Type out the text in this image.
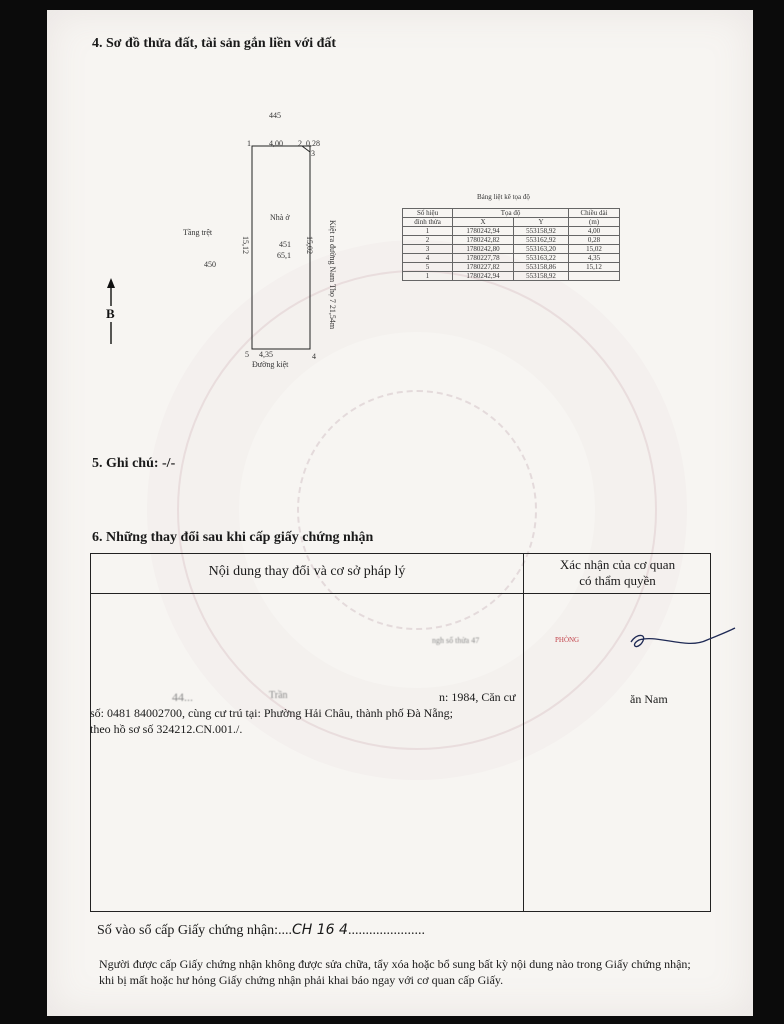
4. Sơ đồ thửa đất, tài sản gắn liền với đất
445
1 4,00 2 0,28
3
Tầng trệt
450
Nhà ở
451
65,1
15,12	15,02 Kiệt ra đường Nam Thọ 7 21,54m
5 4,35	4
Đường kiệt
B
Bảng liệt kê tọa độ
Số hiệu	Tọa độ		Chiều dài
đỉnh thửa	X	Y	(m)
1	1780242,94	553158,92	4,00
2	1780242,82	553162,92	0,28
3	1780242,80	553163,20	15,02
4	1780227,78	553163,22	4,35
5	1780227,82	553158,86	15,12
1	1780242,94	553158,92	
5. Ghi chú: -/-
6. Những thay đổi sau khi cấp giấy chứng nhận
Nội dung thay đổi và cơ sở pháp lý	Xác nhận của cơ quan
có thẩm quyền
ngh số thửa 47	PHÒNG
44...	Trần	n: 1984, Căn cư	ăn Nam
số: 0481 84002700, cùng cư trú tại: Phường Hải Châu, thành phố Đà Nẵng;
theo hồ sơ số 324212.CN.001./.
Số vào sổ cấp Giấy chứng nhận:....CH 16 4......................
Người được cấp Giấy chứng nhận không được sửa chữa, tẩy xóa hoặc bổ sung bất kỳ nội dung nào trong Giấy chứng nhận; khi bị mất hoặc hư hỏng Giấy chứng nhận phải khai báo ngay với cơ quan cấp Giấy.
